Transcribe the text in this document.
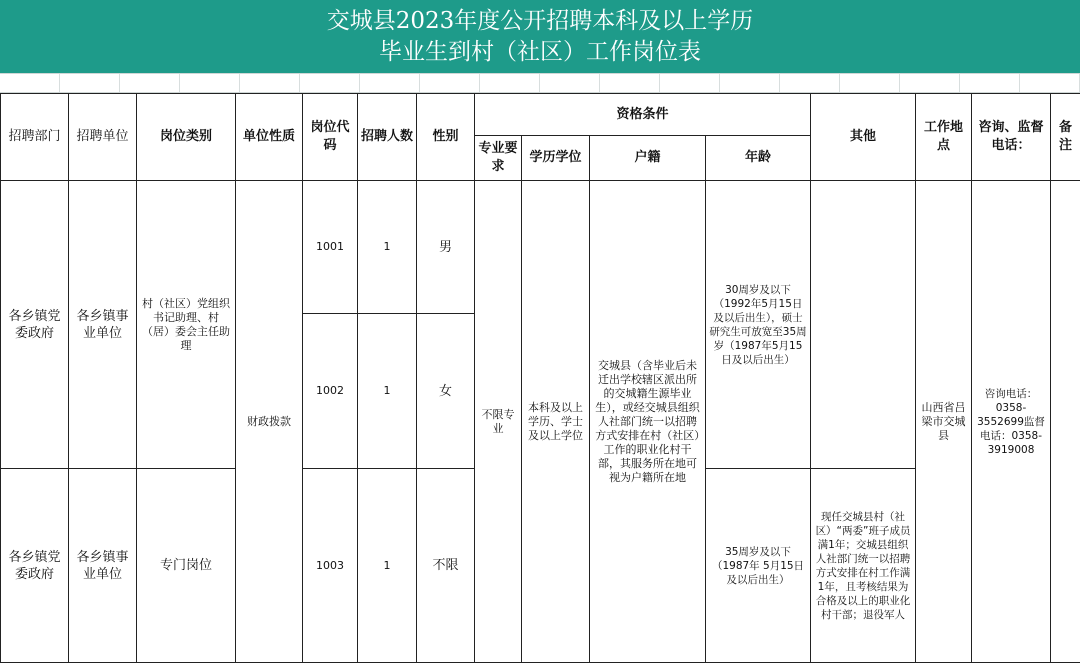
交城县2023年度公开招聘本科及以上学历
毕业生到村（社区）工作岗位表
招聘部门	招聘单位	岗位类别	单位性质	岗位代码	招聘人数	性别	资格条件				其他	工作地点	咨询、监督电话：	备注
							专业要求	学历学位	户籍	年龄				
各乡镇党委政府	各乡镇事业单位	村（社区）党组织书记助理、村（居）委会主任助理	财政拨款	1001	1	男	不限专业	本科及以上学历、学士及以上学位	交城县（含毕业后未迁出学校辖区派出所的交城籍生源毕业生），或经交城县组织人社部门统一以招聘方式安排在村（社区）工作的职业化村干部，其服务所在地可视为户籍所在地	30周岁及以下（1992年5月15日及以后出生），硕士研究生可放宽至35周岁（1987年5月15日及以后出生）		山西省吕梁市交城县	咨询电话：0358-3552699监督电话：0358-3919008	
				1002	1	女								
各乡镇党委政府	各乡镇事业单位	专门岗位		1003	1	不限				35周岁及以下（1987年 5月15日及以后出生）	现任交城县村（社区）“两委”班子成员满1年；交城县组织人社部门统一以招聘方式安排在村工作满1年，且考核结果为合格及以上的职业化村干部；退役军人			
